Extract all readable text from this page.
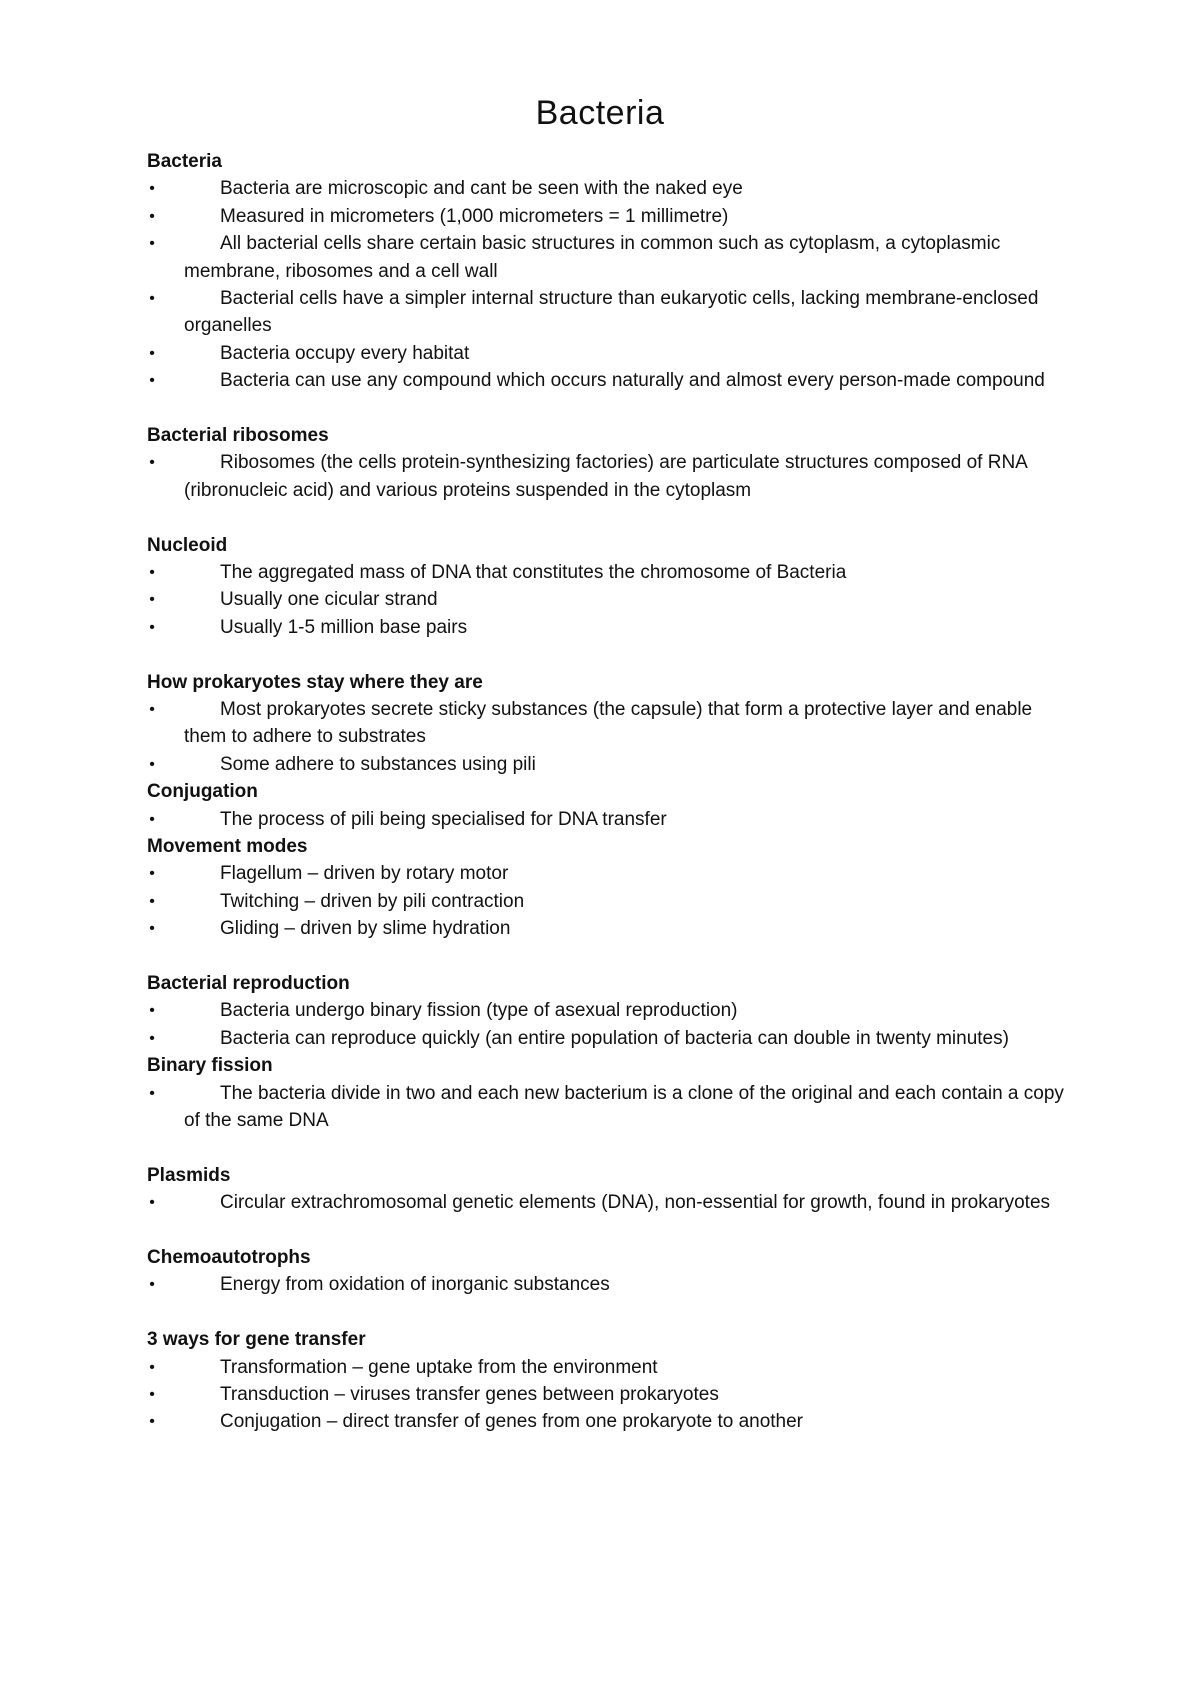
Bacteria

Bacteria

•	Bacteria are microscopic and cant be seen with the naked eye
•	Measured in micrometers (1,000 micrometers = 1 millimetre)
•	All bacterial cells share certain basic structures in common such as cytoplasm, a cytoplasmic membrane, ribosomes and a cell wall
•	Bacterial cells have a simpler internal structure than eukaryotic cells, lacking membrane-enclosed organelles
•	Bacteria occupy every habitat
•	Bacteria can use any compound which occurs naturally and almost every person-made compound

Bacterial ribosomes

•	Ribosomes (the cells protein-synthesizing factories) are particulate structures composed of RNA (ribronucleic acid) and various proteins suspended in the cytoplasm

Nucleoid

•	The aggregated mass of DNA that constitutes the chromosome of Bacteria
•	Usually one cicular strand
•	Usually 1-5 million base pairs

How prokaryotes stay where they are

•	Most prokaryotes secrete sticky substances (the capsule) that form a protective layer and enable them to adhere to substrates
•	Some adhere to substances using pili

Conjugation

•	The process of pili being specialised for DNA transfer

Movement modes

•	Flagellum – driven by rotary motor
•	Twitching – driven by pili contraction
•	Gliding – driven by slime hydration

Bacterial reproduction

•	Bacteria undergo binary fission (type of asexual reproduction)
•	Bacteria can reproduce quickly (an entire population of bacteria can double in twenty minutes)

Binary fission

•	The bacteria divide in two and each new bacterium is a clone of the original and each contain a copy of the same DNA

Plasmids

•	Circular extrachromosomal genetic elements (DNA), non-essential for growth, found in prokaryotes

Chemoautotrophs

•	Energy from oxidation of inorganic substances

3 ways for gene transfer

•	Transformation – gene uptake from the environment
•	Transduction – viruses transfer genes between prokaryotes
•	Conjugation – direct transfer of genes from one prokaryote to another
